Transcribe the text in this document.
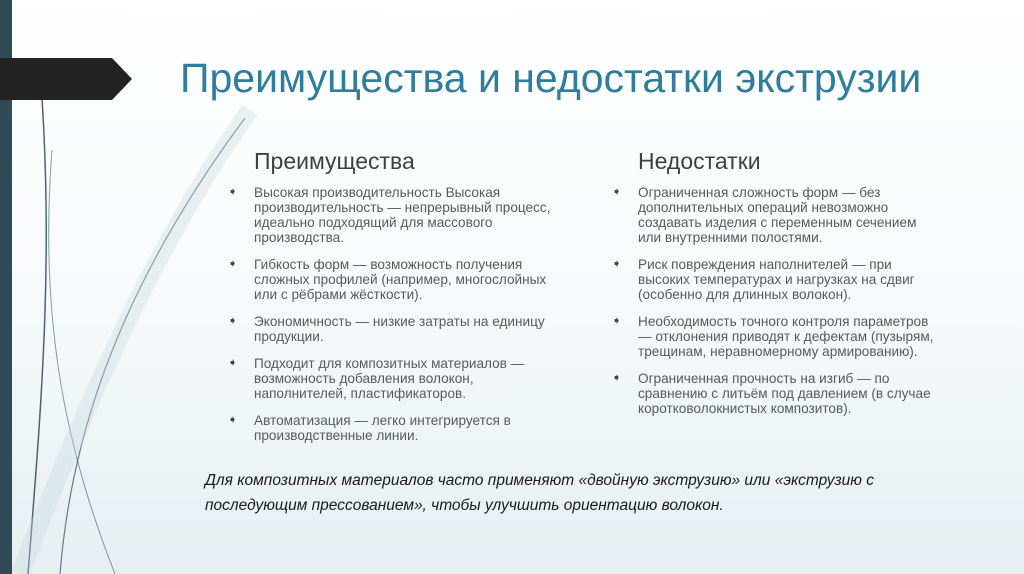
Преимущества и недостатки экструзии
Преимущества
➧ Высокая производительность Высокая производительность — непрерывный процесс, идеально подходящий для массового производства.
➧ Гибкость форм — возможность получения сложных профилей (например, многослойных или с рёбрами жёсткости).
➧ Экономичность — низкие затраты на единицу продукции.
➧ Подходит для композитных материалов — возможность добавления волокон, наполнителей, пластификаторов.
➧ Автоматизация — легко интегрируется в производственные линии.
Недостатки
➧ Ограниченная сложность форм — без дополнительных операций невозможно создавать изделия с переменным сечением или внутренними полостями.
➧ Риск повреждения наполнителей — при высоких температурах и нагрузках на сдвиг (особенно для длинных волокон).
➧ Необходимость точного контроля параметров — отклонения приводят к дефектам (пузырям, трещинам, неравномерному армированию).
➧ Ограниченная прочность на изгиб — по сравнению с литьём под давлением (в случае коротковолокнистых композитов).

Для композитных материалов часто применяют «двойную экструзию» или «экструзию с последующим прессованием», чтобы улучшить ориентацию волокон.
